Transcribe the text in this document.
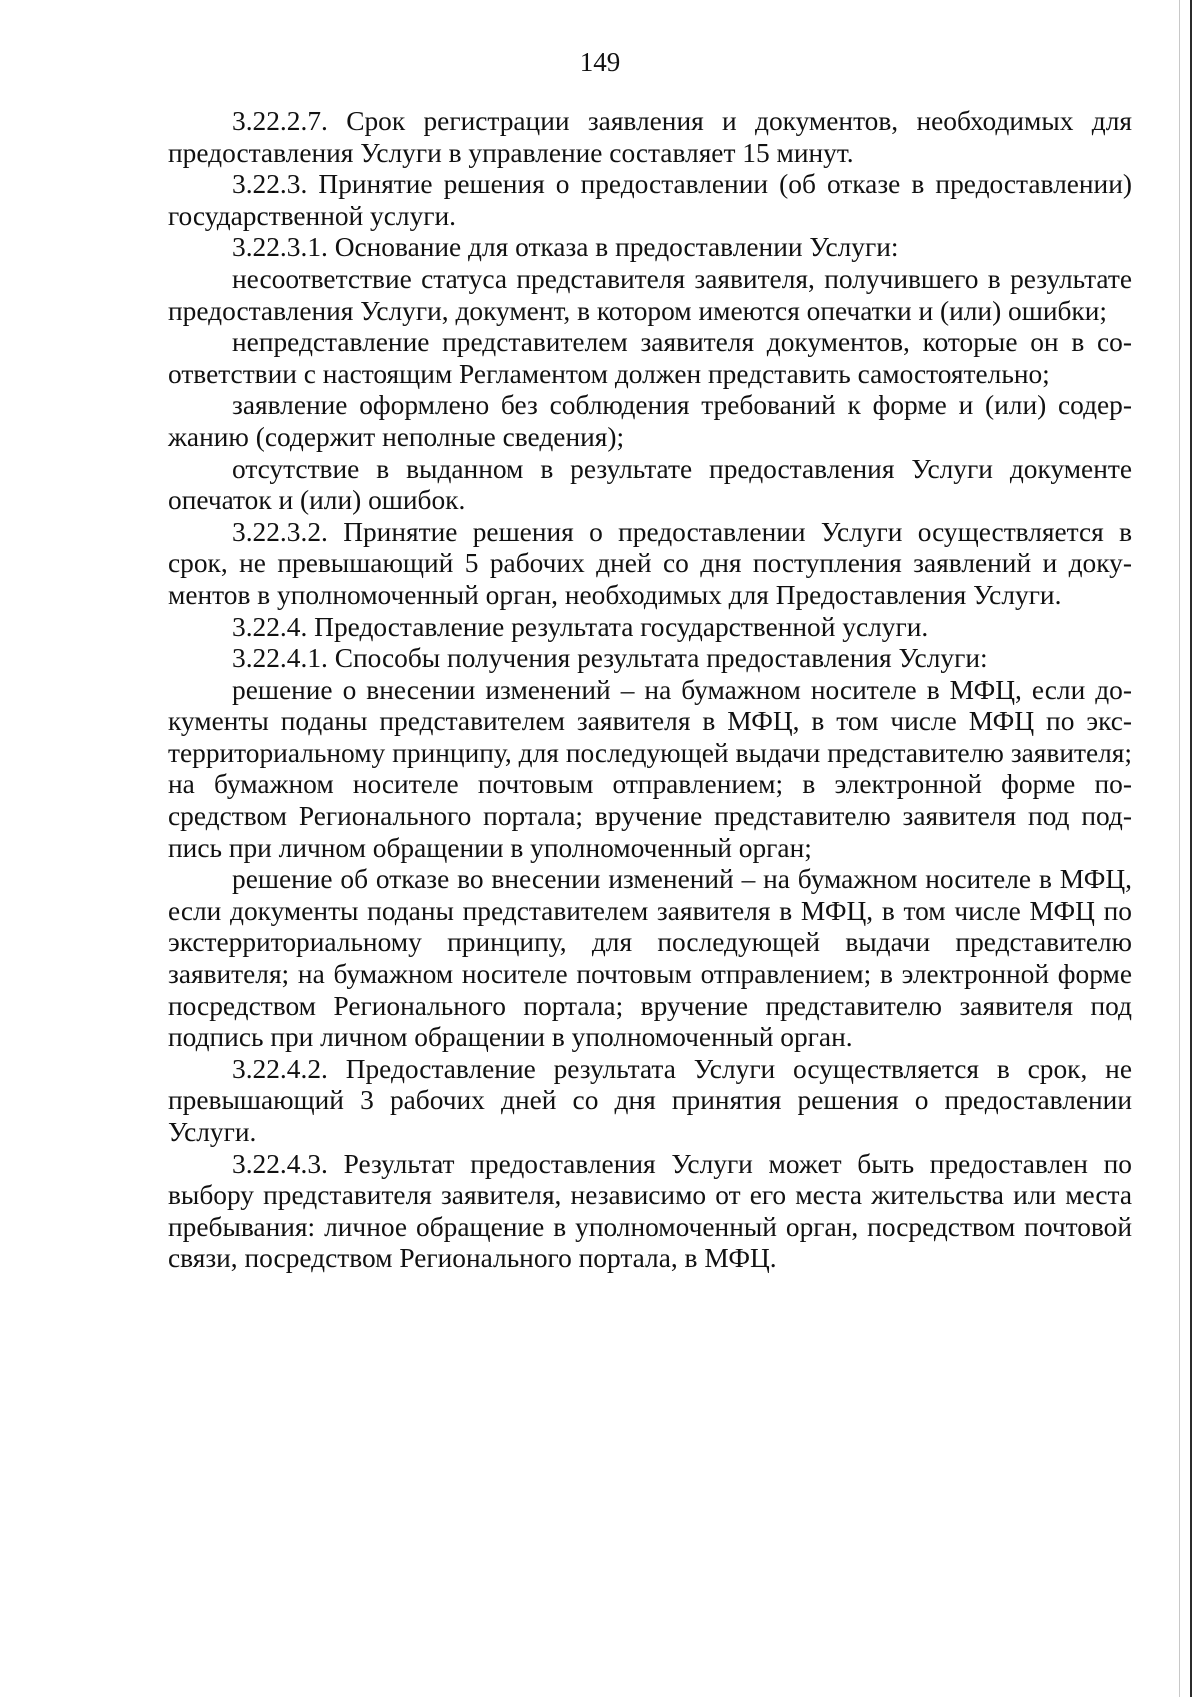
149

3.22.2.7. Срок регистрации заявления и документов, необходимых для предоставления Услуги в управление составляет 15 минут.

3.22.3. Принятие решения о предоставлении (об отказе в предоставлении) государственной услуги.

3.22.3.1. Основание для отказа в предоставлении Услуги:

несоответствие статуса представителя заявителя, получившего в результате предоставления Услуги, документ, в котором имеются опечатки и (или) ошибки;

непредставление представителем заявителя документов, которые он в соответствии с настоящим Регламентом должен представить самостоятельно;

заявление оформлено без соблюдения требований к форме и (или) содержанию (содержит неполные сведения);

отсутствие в выданном в результате предоставления Услуги документе опечаток и (или) ошибок.

3.22.3.2. Принятие решения о предоставлении Услуги осуществляется в срок, не превышающий 5 рабочих дней со дня поступления заявлений и документов в уполномоченный орган, необходимых для Предоставления Услуги.

3.22.4. Предоставление результата государственной услуги.

3.22.4.1. Способы получения результата предоставления Услуги:

решение о внесении изменений – на бумажном носителе в МФЦ, если документы поданы представителем заявителя в МФЦ, в том числе МФЦ по экстерриториальному принципу, для последующей выдачи представителю заявителя; на бумажном носителе почтовым отправлением; в электронной форме посредством Регионального портала; вручение представителю заявителя под подпись при личном обращении в уполномоченный орган;

решение об отказе во внесении изменений – на бумажном носителе в МФЦ, если документы поданы представителем заявителя в МФЦ, в том числе МФЦ по экстерриториальному принципу, для последующей выдачи представителю заявителя; на бумажном носителе почтовым отправлением; в электронной форме посредством Регионального портала; вручение представителю заявителя под подпись при личном обращении в уполномоченный орган.

3.22.4.2. Предоставление результата Услуги осуществляется в срок, не превышающий 3 рабочих дней со дня принятия решения о предоставлении Услуги.

3.22.4.3. Результат предоставления Услуги может быть предоставлен по выбору представителя заявителя, независимо от его места жительства или места пребывания: личное обращение в уполномоченный орган, посредством почтовой связи, посредством Регионального портала, в МФЦ.
